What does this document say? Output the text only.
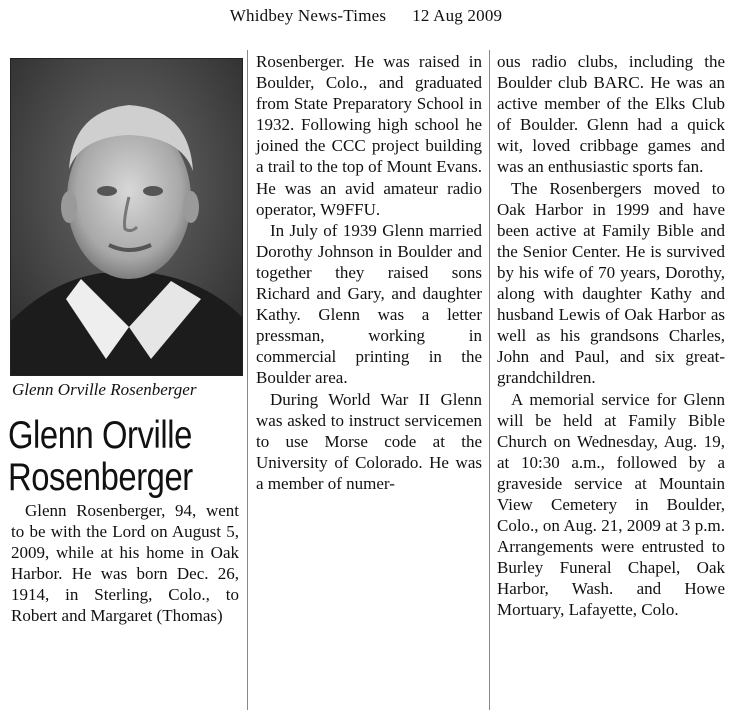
Whidbey News-Times 12 Aug 2009
Glenn Orville Rosenberger
Glenn Orville
Rosenberger

Glenn Rosenberger, 94, went to be with the Lord on August 5, 2009, while at his home in Oak Harbor. He was born Dec. 26, 1914, in Sterling, Colo., to Robert and Margaret (Thomas)

Rosenberger. He was raised in Boulder, Colo., and graduated from State Preparatory School in 1932. Following high school he joined the CCC project building a trail to the top of Mount Evans. He was an avid amateur radio operator, W9FFU.

In July of 1939 Glenn married Dorothy Johnson in Boulder and together they raised sons Richard and Gary, and daughter Kathy. Glenn was a letter pressman, working in commercial printing in the Boulder area.

During World War II Glenn was asked to instruct servicemen to use Morse code at the University of Colorado. He was a member of numer-

ous radio clubs, including the Boulder club BARC. He was an active member of the Elks Club of Boulder. Glenn had a quick wit, loved cribbage games and was an enthusiastic sports fan.

The Rosenbergers moved to Oak Harbor in 1999 and have been active at Family Bible and the Senior Center. He is survived by his wife of 70 years, Dorothy, along with daughter Kathy and husband Lewis of Oak Harbor as well as his grandsons Charles, John and Paul, and six great-grandchildren.

A memorial service for Glenn will be held at Family Bible Church on Wednesday, Aug. 19, at 10:30 a.m., followed by a graveside service at Mountain View Cemetery in Boulder, Colo., on Aug. 21, 2009 at 3 p.m. Arrangements were entrusted to Burley Funeral Chapel, Oak Harbor, Wash. and Howe Mortuary, Lafayette, Colo.
